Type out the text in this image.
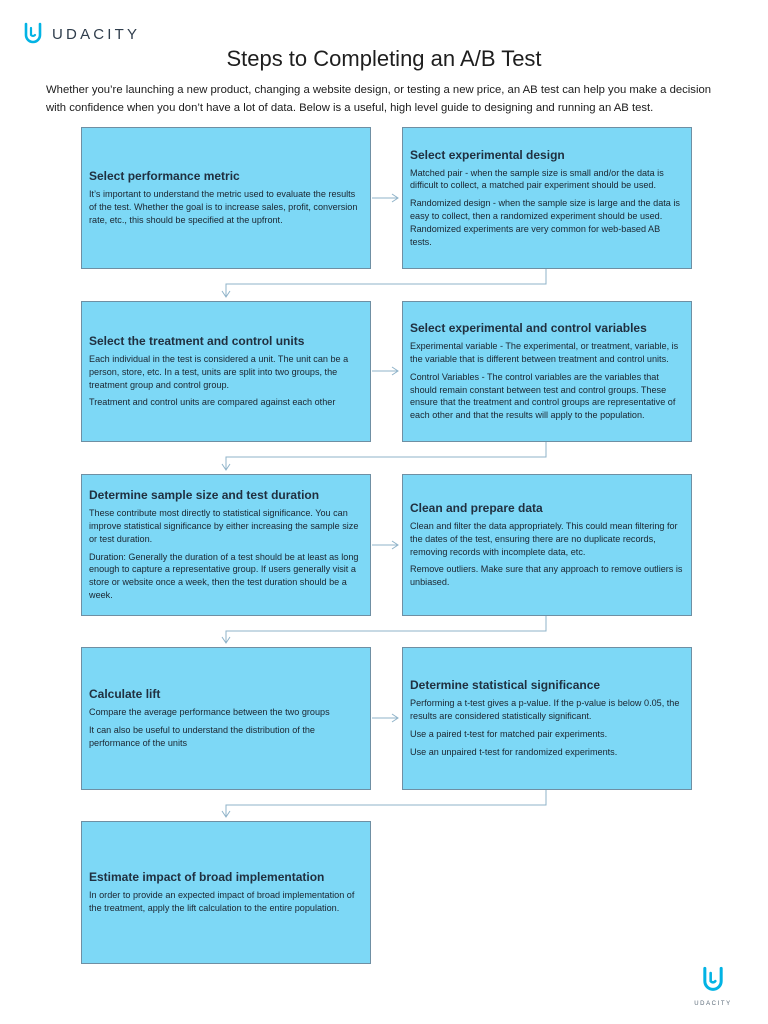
UDACITY
Steps to Completing an A/B Test
Whether you’re launching a new product, changing a website design, or testing a new price, an AB test can help you make a decision with confidence when you don’t have a lot of data. Below is a useful, high level guide to designing and running an AB test.
Select performance metric
It’s important to understand the metric used to evaluate the results of the test. Whether the goal is to increase sales, profit, conversion rate, etc., this should be specified at the upfront.
Select experimental design
Matched pair - when the sample size is small and/or the data is difficult to collect, a matched pair experiment should be used.
Randomized design - when the sample size is large and the data is easy to collect, then a randomized experiment should be used. Randomized experiments are very common for web-based AB tests.
Select the treatment and control units
Each individual in the test is considered a unit. The unit can be a person, store, etc. In a test, units are split into two groups, the treatment group and control group.
Treatment and control units are compared against each other
Select experimental and control variables
Experimental variable - The experimental, or treatment, variable, is the variable that is different between treatment and control units.
Control Variables - The control variables are the variables that should remain constant between test and control groups. These ensure that the treatment and control groups are representative of each other and that the results will apply to the population.
Determine sample size and test duration
These contribute most directly to statistical significance. You can improve statistical significance by either increasing the sample size or test duration.
Duration: Generally the duration of a test should be at least as long enough to capture a representative group. If users generally visit a store or website once a week, then the test duration should be a week.
Clean and prepare data
Clean and filter the data appropriately. This could mean filtering for the dates of the test, ensuring there are no duplicate records, removing records with incomplete data, etc.
Remove outliers. Make sure that any approach to remove outliers is unbiased.
Calculate lift
Compare the average performance between the two groups
It can also be useful to understand the distribution of the performance of the units
Determine statistical significance
Performing a t-test gives a p-value. If the p-value is below 0.05, the results are considered statistically significant.
Use a paired t-test for matched pair experiments.
Use an unpaired t-test for randomized experiments.
Estimate impact of broad implementation
In order to provide an expected impact of broad implementation of the treatment, apply the lift calculation to the entire population.
UDACITY
